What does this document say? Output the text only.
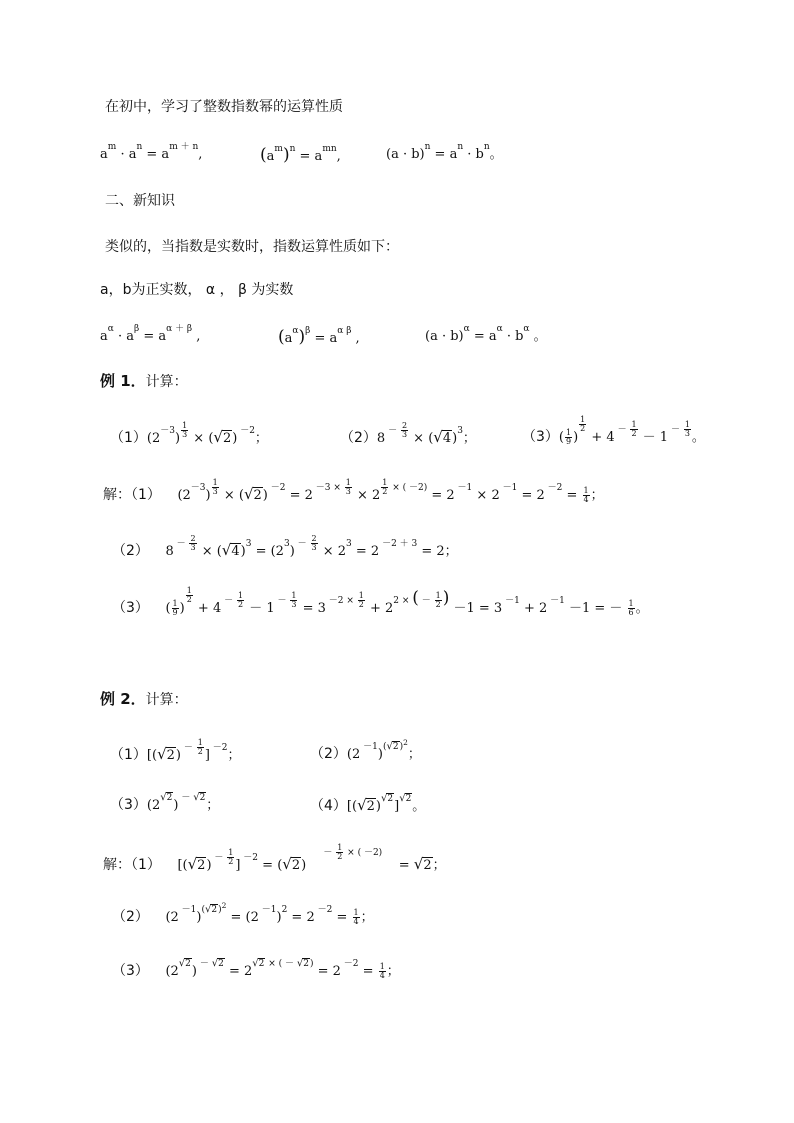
在初中，学习了整数指数幂的运算性质
$a^m \cdot a^n = a^{m + n}$,	$(a^m)^n = a^{mn}$,	$(a \cdot b)^n = a^n \cdot b^n$。
二、新知识
类似的，当指数是实数时，指数运算性质如下：
a，b为正实数， α ， β 为实数
$a^\alpha \cdot a^\beta = a^{\alpha + \beta}$ ,	$(a^\alpha)^\beta = a^{\alpha \beta}$ ,	$(a \cdot b)^\alpha = a^\alpha \cdot b^\alpha$ 。
例 1．计算：
$(1)(2^{-3}) ^{\frac{1}{3}} \times (√2)$ $^{-2}$；	（2）8 $^{- \frac{2}{3}} \times (√4)^3$；	$(3)( \frac{1}{9}$ )
$^{\frac{1}{2}}$
+ 4 $^{- \frac{1}{2}}$ － 1 $^{- \frac{1}{3}}$ 。
解：（1）    $(2^{-3}) ^{\frac{1}{3}} \times (√2) ^{-2} = 2$ $^{-3 \times \frac{1}{3}}$ × 2 $^{\frac{1}{2} \times ( -2)}$ = 2 $^{-1}$ × 2 $^{-1}$ = 2 $^{-2} = \frac{1}{4}$ ；
（2）    8 $^{- \frac{2}{3}} \times (√4)^3 = (2^3) ^{- \frac{2}{3}} \times 2^3 = 2$ $^{-2 + 3}$ = 2；
（3）    ( $\frac{1}{9}$ )
$^{\frac{1}{2}}$
+ 4 $^{- \frac{1}{2}}$ － 1 $^{- \frac{1}{3}}$ = 3 $^{-2 \times \frac{1}{2}} + 2^{2 \times ( - \frac{1}{2} )} -1 = 3$ $^{-1}$ + 2 $^{-1}$ －1 = － $\frac{1}{6}$ 。
例 2．计算：
（1）[(√2) $^{- \frac{1}{2}}$ ] $^{-2}$；	（2）(2 $^{-1}$)$^{(√2)^2}$；
$(3)(2^{√2})$ $^{- √2}$；	$(4)[(√2)^{√2}]^{√2}$。
解：（1）    [(√2) $^{- \frac{1}{2}}$ ] $^{-2}$ = (√2)      $^{- \frac{1}{2} \times ( -2)}$    = √2；
（2）    (2 $^{-1}$)$^{(√2)^2}$ = (2 $^{-1}$)$^2$ = 2 $^{-2} = \frac{1}{4}$ ；
（3）    $(2^{√2}) ^{- √2} = 2^{√2 \times ( - √2)} = 2$ $^{-2} = \frac{1}{4}$ ；
